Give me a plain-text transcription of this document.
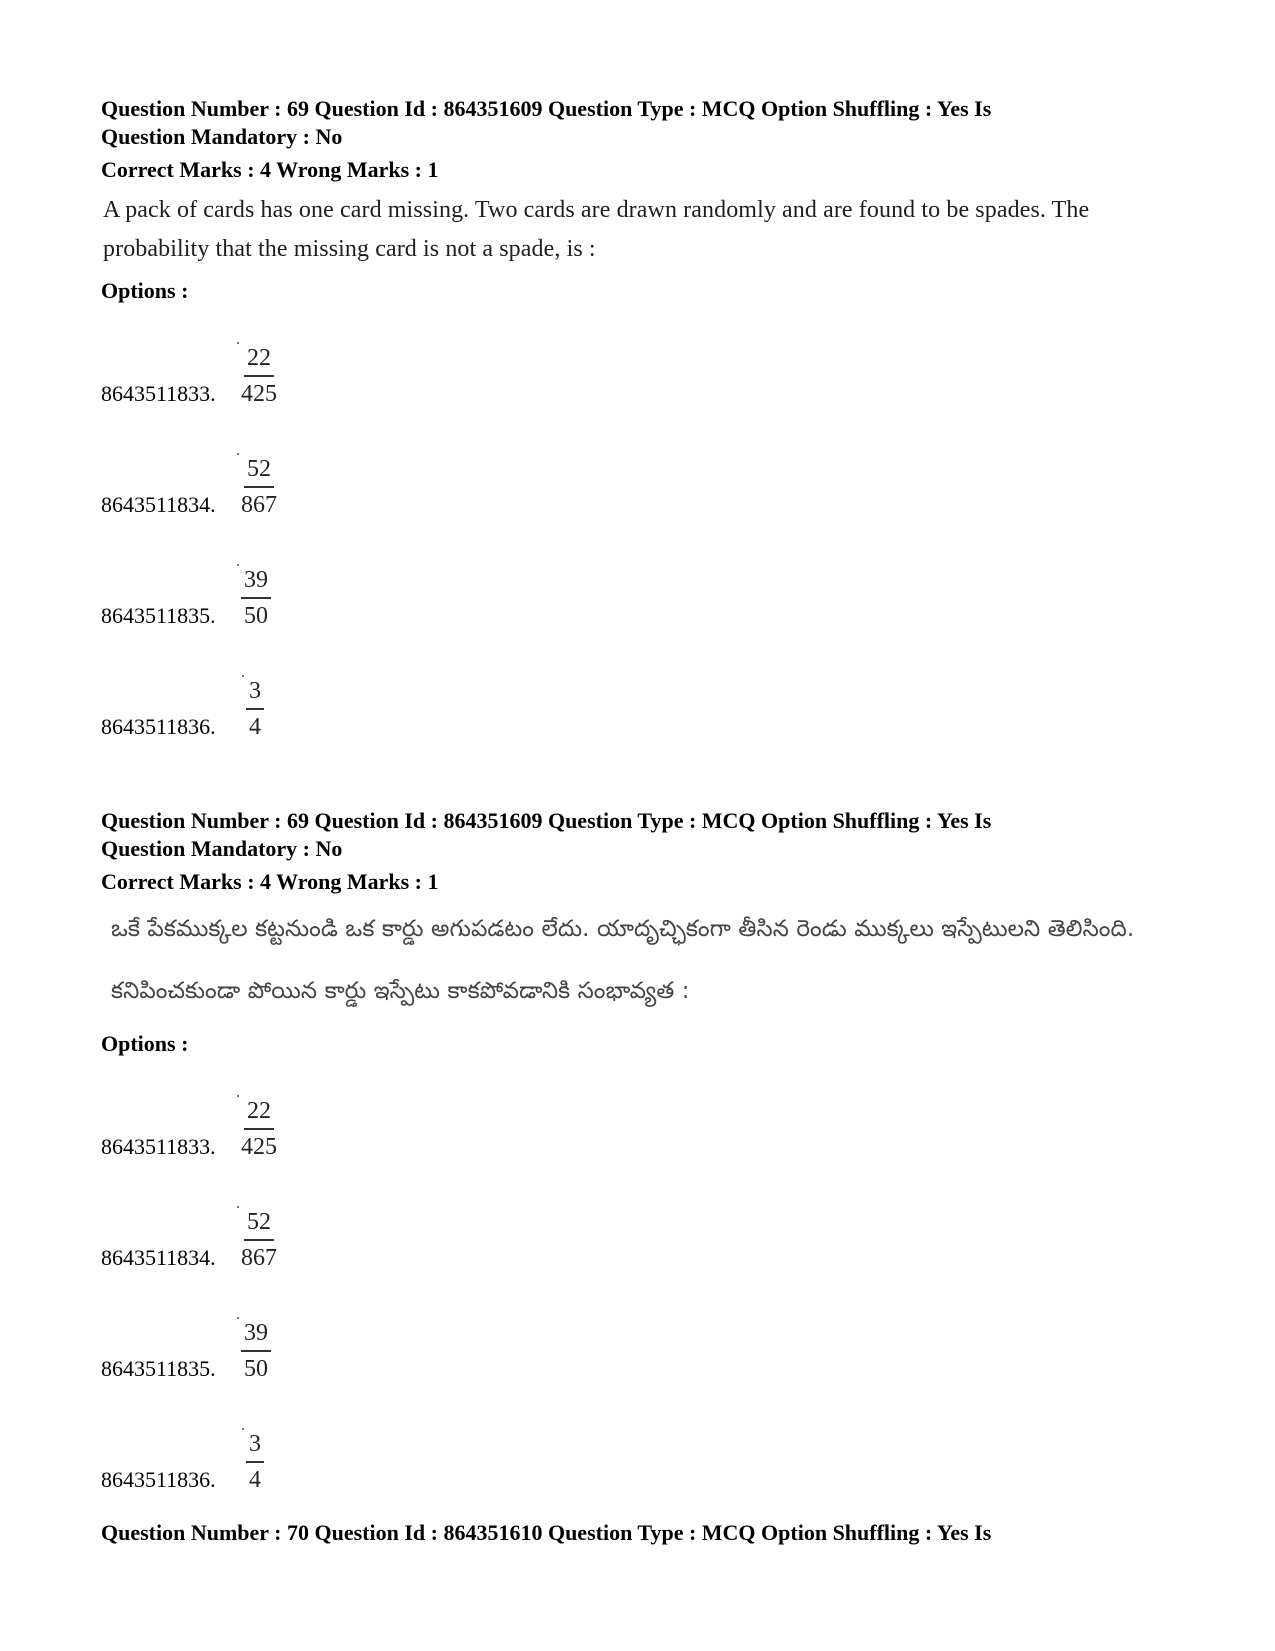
Question Number : 69 Question Id : 864351609 Question Type : MCQ Option Shuffling : Yes Is

Question Mandatory : No

Correct Marks : 4 Wrong Marks : 1

A pack of cards has one card missing. Two cards are drawn randomly and are found to be spades. The probability that the missing card is not a spade, is :

Options :

8643511833. $\frac{22}{425}$
8643511834. $\frac{52}{867}$
8643511835. $\frac{39}{50}$
8643511836. $\frac{3}{4}$

Question Number : 69 Question Id : 864351609 Question Type : MCQ Option Shuffling : Yes Is

Question Mandatory : No

Correct Marks : 4 Wrong Marks : 1

ఒకే పేకముక్కల కట్టనుండి ఒక కార్డు అగుపడటం లేదు. యాదృచ్ఛికంగా తీసిన రెండు ముక్కలు ఇస్పేటులని తెలిసింది. కనిపించకుండా పోయిన కార్డు ఇస్పేటు కాకపోవడానికి సంభావ్యత :

Options :

8643511833. $\frac{22}{425}$
8643511834. $\frac{52}{867}$
8643511835. $\frac{39}{50}$
8643511836. $\frac{3}{4}$

Question Number : 70 Question Id : 864351610 Question Type : MCQ Option Shuffling : Yes Is
